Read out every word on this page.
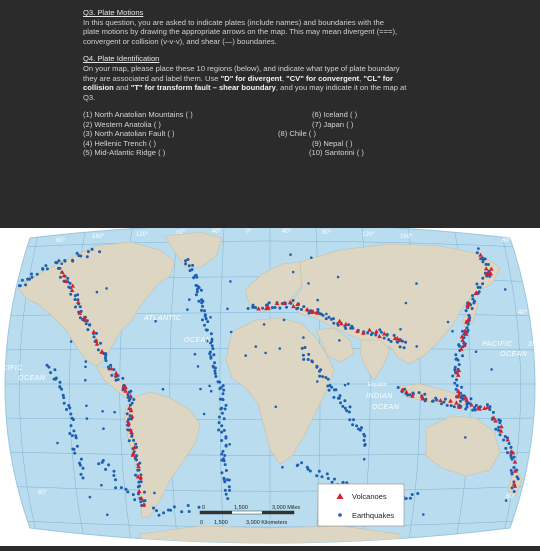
Q3. Plate Motions
In this question, you are asked to indicate plates (include names) and boundaries with the
plate motions by drawing the appropriate arrows on the map. This may mean divergent (===),
convergent or collision (v-v-v), and shear (—) boundaries.
Q4. Plate Identification
On your map, please place these 10 regions (below), and indicate what type of plate boundary
they are associated and label them. Use "D" for divergent, "CV" for convergent, "CL" for
collision and "T" for transform fault – shear boundary, and you may indicate it on the map at
Q3.
(1) North Anatolian Mountains ( )
(2) Western Anatolia ( )
(3) North Anatolian Fault ( )
(4) Hellenic Trench ( )
(5) Mid-Atlantic Ridge ( )
(6) Iceland ( )
(7) Japan ( )
(8) Chile ( )
(9) Nepal ( )
(10) Santorini ( )
80°
160°	120°	80°	40°	0°	40°	80°	120°	160°
60°
40°
20°
Equator
60°
60°
ATLANTIC
OCEAN
CIFIC
OCEAN
PACIFIC
OCEAN
INDIAN
OCEAN
0	1,500	3,000 Miles
0 1,500	3,000 Kilometers
Volcanoes
Earthquakes
